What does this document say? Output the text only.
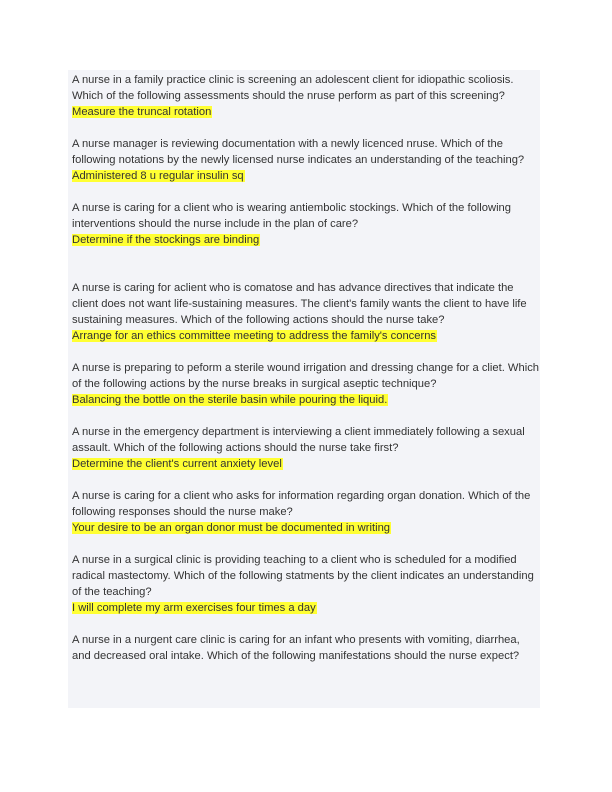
A nurse in a family practice clinic is screening an adolescent client for idiopathic scoliosis. Which of the following assessments should the nruse perform as part of this screening?

Measure the truncal rotation

A nurse manager is reviewing documentation with a newly licenced nruse. Which of the following notations by the newly licensed nurse indicates an understanding of the teaching?

Administered 8 u regular insulin sq

A nurse is caring for a client who is wearing antiembolic stockings. Which of the following interventions should the nurse include in the plan of care?

Determine if the stockings are binding

A nurse is caring for aclient who is comatose and has advance directives that indicate the client does not want life-sustaining measures. The client's family wants the client to have life sustaining measures. Which of the following actions should the nurse take?

Arrange for an ethics committee meeting to address the family's concerns

A nurse is preparing to peform a sterile wound irrigation and dressing change for a cliet. Which of the following actions by the nurse breaks in surgical aseptic technique?

Balancing the bottle on the sterile basin while pouring the liquid.

A nurse in the emergency department is interviewing a client immediately following a sexual assault. Which of the following actions should the nurse take first?

Determine the client's current anxiety level

A nurse is caring for a client who asks for information regarding organ donation. Which of the following responses should the nurse make?

Your desire to be an organ donor must be documented in writing

A nurse in a surgical clinic is providing teaching to a client who is scheduled for a modified radical mastectomy. Which of the following statments by the client indicates an understanding of the teaching?

I will complete my arm exercises four times a day

A nurse in a nurgent care clinic is caring for an infant who presents with vomiting, diarrhea, and decreased oral intake. Which of the following manifestations should the nurse expect?
